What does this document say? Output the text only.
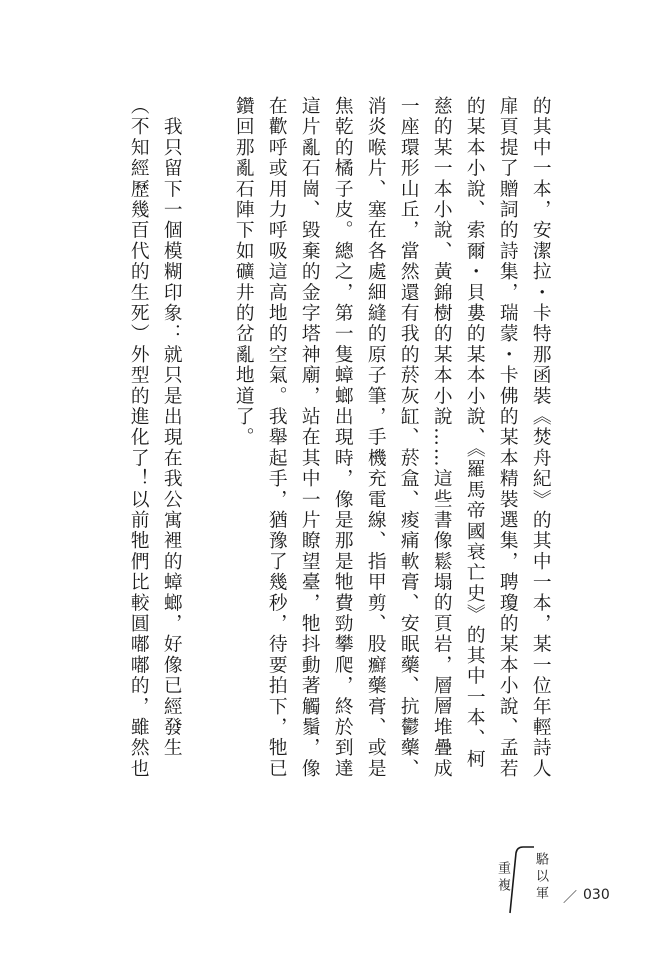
的其中一本，安潔拉・卡特那函裝《焚舟紀》的其中一本，某一位年輕詩人
扉頁提了贈詞的詩集，瑞蒙・卡佛的某本精裝選集，聘瓊的某本小說、孟若
的某本小說、索爾・貝婁的某本小說、《羅馬帝國衰亡史》的其中一本、柯
慈的某一本小說、黃錦樹的某本小說……這些書像鬆塌的頁岩，層層堆疊成
一座環形山丘，當然還有我的菸灰缸、菸盒、痠痛軟膏、安眠藥、抗鬱藥、
消炎喉片、塞在各處細縫的原子筆，手機充電線、指甲剪、股癬藥膏、或是
焦乾的橘子皮。總之，第一隻蟑螂出現時，像是那是牠費勁攀爬，終於到達
這片亂石崗、毀棄的金字塔神廟，站在其中一片瞭望臺，牠抖動著觸鬚，像
在歡呼或用力呼吸這高地的空氣。我舉起手，猶豫了幾秒，待要拍下，牠已
鑽回那亂石陣下如礦井的岔亂地道了。
　我只留下一個模糊印象：就只是出現在我公寓裡的蟑螂，好像已經發生
（不知經歷幾百代的生死）外型的進化了！以前牠們比較圓嘟嘟的，雖然也
重複 駱以軍 ／ 030
